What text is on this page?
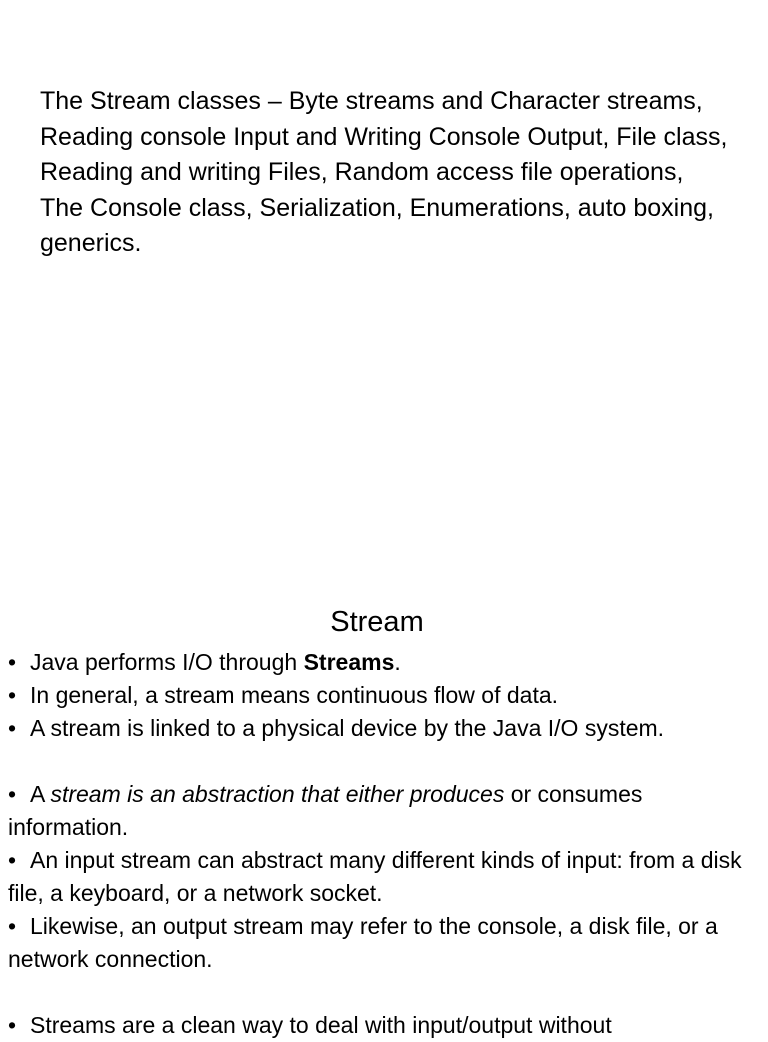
The Stream classes – Byte streams and Character streams, Reading console Input and Writing Console Output, File class, Reading and writing Files, Random access file operations, The Console class, Serialization, Enumerations, auto boxing, generics.

Stream
• Java performs I/O through Streams.
• In general, a stream means continuous flow of data.
• A stream is linked to a physical device by the Java I/O system.
• A stream is an abstraction that either produces or consumes information.
• An input stream can abstract many different kinds of input: from a disk file, a keyboard, or a network socket.
• Likewise, an output stream may refer to the console, a disk file, or a network connection.
• Streams are a clean way to deal with input/output without
